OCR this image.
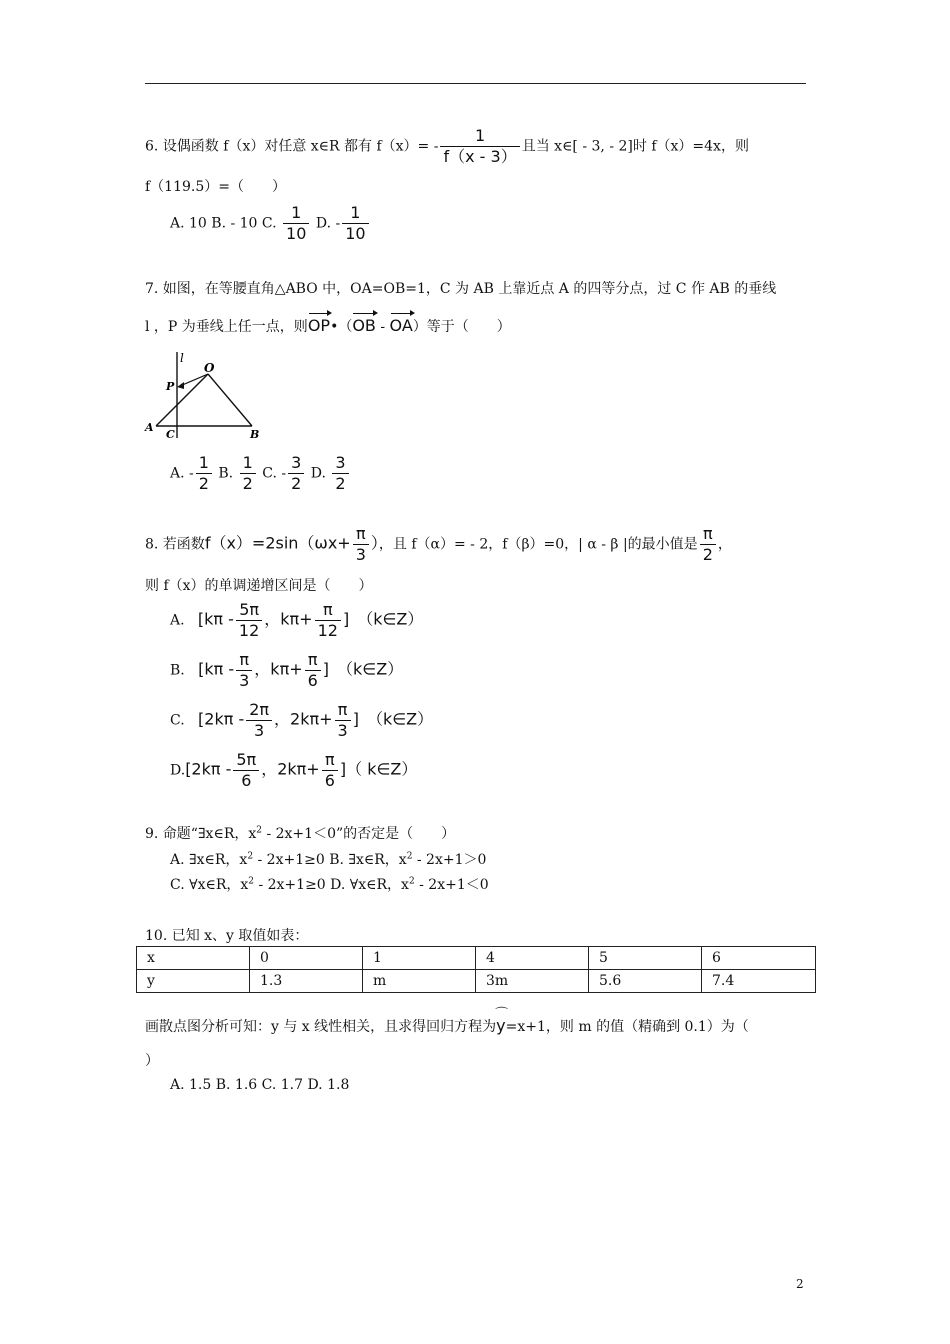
6. 设偶函数 f（x）对任意 x∈R 都有 $f(x)= - \frac{1}{f(x - 3)}$ 且当 x∈[ - 3, - 2]时 f（x）=4x，则
f（119.5）=（　　）
A. 10 B. - 10 C. $\frac{1}{10} D$. - $\frac{1}{10}$
7. 如图，在等腰直角△ABO 中，OA=OB=1，C 为 AB 上靠近点 A 的四等分点，过 C 作 AB 的垂线
l ，P 为垂线上任一点，则OP•（OB - OA）等于（　　）
l
O
P
A
C	B
A. - $\frac{1}{2} B$. $\frac{1}{2} C$. - $\frac{3}{2} D$. $\frac{3}{2}$
8. 若函数$f(x)=2\sin(\omega x+ \frac{\pi}{3}$ ），且 f（α）= - 2，f（β）=0，| α - β |的最小值是 $\frac{\pi}{2}$ ，
则 f（x）的单调递增区间是（　　）
A. [$k\pi - \frac{5\pi}{12}$ ，$k\pi+ \frac{\pi}{12}$ ]　（k∈Z）
B. [$k\pi - \frac{\pi}{3}$ ，$k\pi+ \frac{\pi}{6}$ ]　（k∈Z）
C. [$2k\pi - \frac{2\pi}{3}$ ，$2k\pi+ \frac{\pi}{3}$ ]　（k∈Z）
$D.[2k\pi - \frac{5\pi}{6}$ ，$2k\pi+ \frac{\pi}{6}$ ]（ k∈Z）
9. 命题“∃x∈R，$x^2 - 2x+1<0$”的否定是（　　）
A. ∃x∈R，$x^2 - 2x+1\ge 0$ B. ∃x∈R，$x^2 - 2x+1>0$
C. ∀x∈R，$x^2 - 2x+1\ge 0$ D. ∀x∈R，$x^2 - 2x+1<0$
10. 已知 x、y 取值如表：
x	0	1	4	5	6
y	1.3	m	3m	5.6	7.4
画散点图分析可知：y 与 x 线性相关，且求得回归方程为⌒ y=x+1，则 m 的值（精确到 0.1）为（
）
A. 1.5 B. 1.6 C. 1.7 D. 1.8
2
